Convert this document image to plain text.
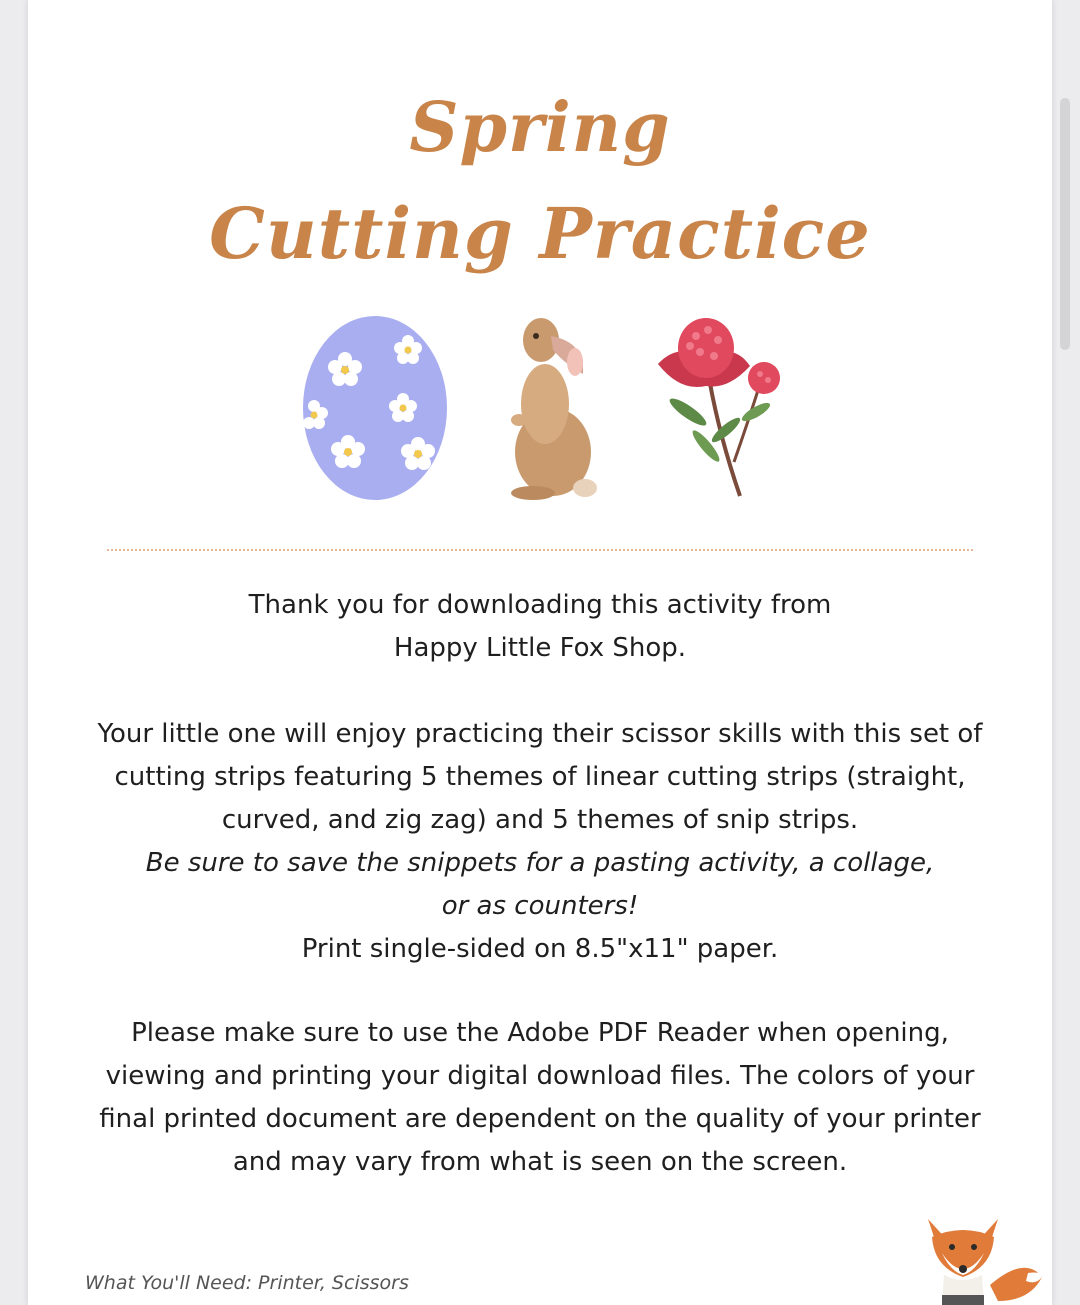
Spring
Cutting Practice
Thank you for downloading this activity from
Happy Little Fox Shop.
Your little one will enjoy practicing their scissor skills with this set of
cutting strips featuring 5 themes of linear cutting strips (straight,
curved, and zig zag) and 5 themes of snip strips.
Be sure to save the snippets for a pasting activity, a collage,
or as counters!
Print single-sided on 8.5"x11" paper.
Please make sure to use the Adobe PDF Reader when opening,
viewing and printing your digital download files. The colors of your
final printed document are dependent on the quality of your printer
and may vary from what is seen on the screen.
What You'll Need: Printer, Scissors
